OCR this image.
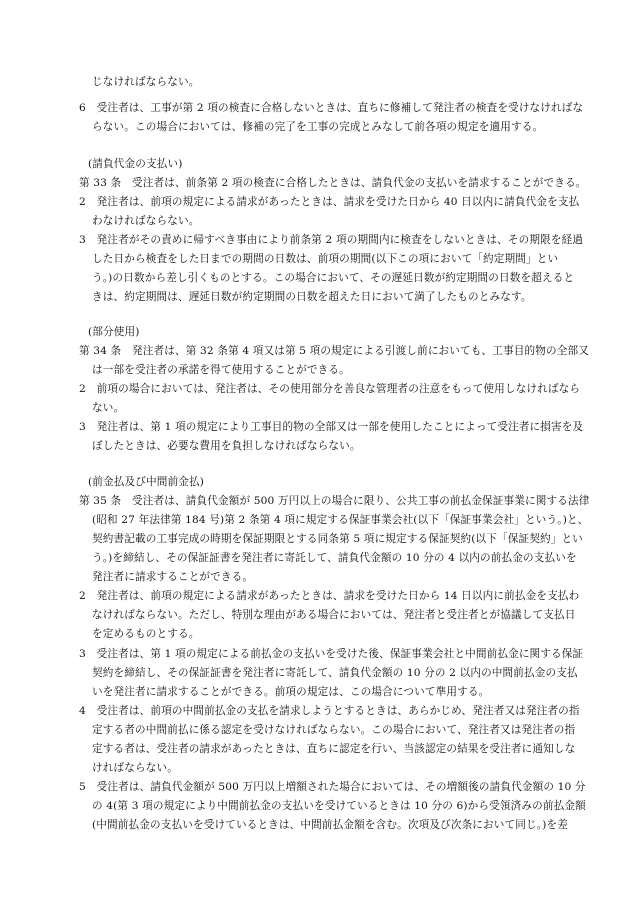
じなければならない。
6　受注者は、工事が第 2 項の検査に合格しないときは、直ちに修補して発注者の検査を受けなければな
らない。この場合においては、修補の完了を工事の完成とみなして前各項の規定を適用する。
(請負代金の支払い)
第 33 条　受注者は、前条第 2 項の検査に合格したときは、請負代金の支払いを請求することができる。
2　発注者は、前項の規定による請求があったときは、請求を受けた日から 40 日以内に請負代金を支払
わなければならない。
3　発注者がその責めに帰すべき事由により前条第 2 項の期間内に検査をしないときは、その期限を経過
した日から検査をした日までの期間の日数は、前項の期間(以下この項において「約定期間」とい
う。)の日数から差し引くものとする。この場合において、その遅延日数が約定期間の日数を超えると
きは、約定期間は、遅延日数が約定期間の日数を超えた日において満了したものとみなす。
(部分使用)
第 34 条　発注者は、第 32 条第 4 項又は第 5 項の規定による引渡し前においても、工事目的物の全部又
は一部を受注者の承諾を得て使用することができる。
2　前項の場合においては、発注者は、その使用部分を善良な管理者の注意をもって使用しなければなら
ない。
3　発注者は、第 1 項の規定により工事目的物の全部又は一部を使用したことによって受注者に損害を及
ぼしたときは、必要な費用を負担しなければならない。
(前金払及び中間前金払)
第 35 条　受注者は、請負代金額が 500 万円以上の場合に限り、公共工事の前払金保証事業に関する法律
(昭和 27 年法律第 184 号)第 2 条第 4 項に規定する保証事業会社(以下「保証事業会社」という。)と、
契約書記載の工事完成の時期を保証期限とする同条第 5 項に規定する保証契約(以下「保証契約」とい
う。)を締結し、その保証証書を発注者に寄託して、請負代金額の 10 分の 4 以内の前払金の支払いを
発注者に請求することができる。
2　発注者は、前項の規定による請求があったときは、請求を受けた日から 14 日以内に前払金を支払わ
なければならない。ただし、特別な理由がある場合においては、発注者と受注者とが協議して支払日
を定めるものとする。
3　受注者は、第 1 項の規定による前払金の支払いを受けた後、保証事業会社と中間前払金に関する保証
契約を締結し、その保証証書を発注者に寄託して、請負代金額の 10 分の 2 以内の中間前払金の支払
いを発注者に請求することができる。前項の規定は、この場合について準用する。
4　受注者は、前項の中間前払金の支払を請求しようとするときは、あらかじめ、発注者又は発注者の指
定する者の中間前払に係る認定を受けなければならない。この場合において、発注者又は発注者の指
定する者は、受注者の請求があったときは、直ちに認定を行い、当該認定の結果を受注者に通知しな
ければならない。
5　受注者は、請負代金額が 500 万円以上増額された場合においては、その増額後の請負代金額の 10 分
の 4(第 3 項の規定により中間前払金の支払いを受けているときは 10 分の 6)から受領済みの前払金額
(中間前払金の支払いを受けているときは、中間前払金額を含む。次項及び次条において同じ。)を差
